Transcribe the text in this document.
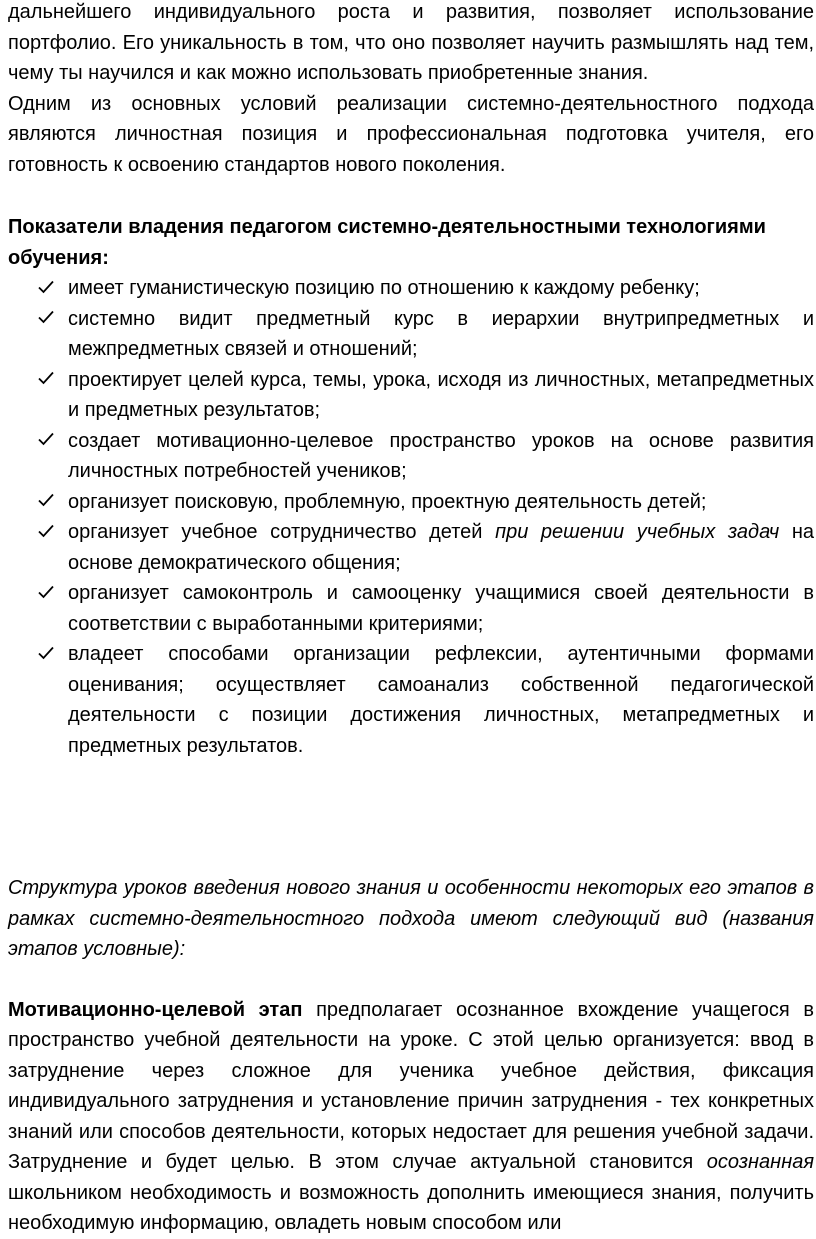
дальнейшего индивидуального роста и развития, позволяет использование портфолио. Его уникальность в том, что оно позволяет научить размышлять над тем, чему ты научился и как можно использовать приобретенные знания.

Одним из основных условий реализации системно-деятельностного подхода являются личностная позиция и профессиональная подготовка учителя, его готовность к освоению стандартов нового поколения.

Показатели владения педагогом системно-деятельностными технологиями обучения:

имеет гуманистическую позицию по отношению к каждому ребенку;
системно видит предметный курс в иерархии внутрипредметных и межпредметных связей и отношений;
проектирует целей курса, темы, урока, исходя из личностных, метапредметных и предметных результатов;
создает мотивационно-целевое пространство уроков на основе развития личностных потребностей учеников;
организует поисковую, проблемную, проектную деятельность детей;
организует учебное сотрудничество детей при решении учебных задач на основе демократического общения;
организует самоконтроль и самооценку учащимися своей деятельности в соответствии с выработанными критериями;
владеет способами организации рефлексии, аутентичными формами оценивания; осуществляет самоанализ собственной педагогической деятельности с позиции достижения личностных, метапредметных и предметных результатов.

Структура уроков введения нового знания и особенности некоторых его этапов в рамках системно-деятельностного подхода имеют следующий вид (названия этапов условные):

Мотивационно-целевой этап предполагает осознанное вхождение учащегося в пространство учебной деятельности на уроке. С этой целью организуется: ввод в затруднение через сложное для ученика учебное действия, фиксация индивидуального затруднения и установление причин затруднения - тех конкретных знаний или способов деятельности, которых недостает для решения учебной задачи. Затруднение и будет целью. В этом случае актуальной становится осознанная школьником необходимость и возможность дополнить имеющиеся знания, получить необходимую информацию, овладеть новым способом или
